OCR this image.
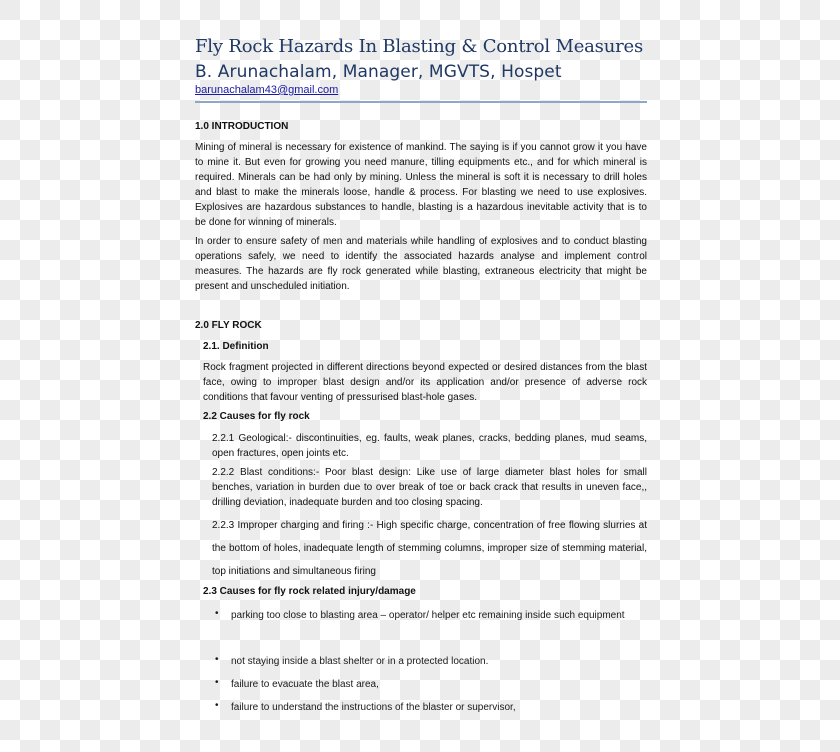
Fly Rock Hazards In Blasting & Control Measures
B. Arunachalam, Manager, MGVTS, Hospet
barunachalam43@gmail.com
1.0 INTRODUCTION
Mining of mineral is necessary for existence of mankind. The saying is if you cannot grow it you have to mine it. But even for growing you need manure, tilling equipments etc., and for which mineral is required. Minerals can be had only by mining. Unless the mineral is soft it is necessary to drill holes and blast to make the minerals loose, handle & process. For blasting we need to use explosives. Explosives are hazardous substances to handle, blasting is a hazardous inevitable activity that is to be done for winning of minerals.
In order to ensure safety of men and materials while handling of explosives and to conduct blasting operations safely, we need to identify the associated hazards analyse and implement control measures. The hazards are fly rock generated while blasting, extraneous electricity that might be present and unscheduled initiation.
2.0 FLY ROCK
2.1. Definition
Rock fragment projected in different directions beyond expected or desired distances from the blast face, owing to improper blast design and/or its application and/or presence of adverse rock conditions that favour venting of pressurised blast-hole gases.
2.2 Causes for fly rock
2.2.1 Geological:- discontinuities, eg. faults, weak planes, cracks, bedding planes, mud seams, open fractures, open joints etc.
2.2.2 Blast conditions:- Poor blast design: Like use of large diameter blast holes for small benches, variation in burden due to over break of toe or back crack that results in uneven face,, drilling deviation, inadequate burden and too closing spacing.
2.2.3 Improper charging and firing :- High specific charge, concentration of free flowing slurries at the bottom of holes, inadequate length of stemming columns, improper size of stemming material, top initiations and simultaneous firing
2.3 Causes for fly rock related injury/damage
• parking too close to blasting area – operator/ helper etc remaining inside such equipment
• not staying inside a blast shelter or in a protected location.
• failure to evacuate the blast area,
• failure to understand the instructions of the blaster or supervisor,
